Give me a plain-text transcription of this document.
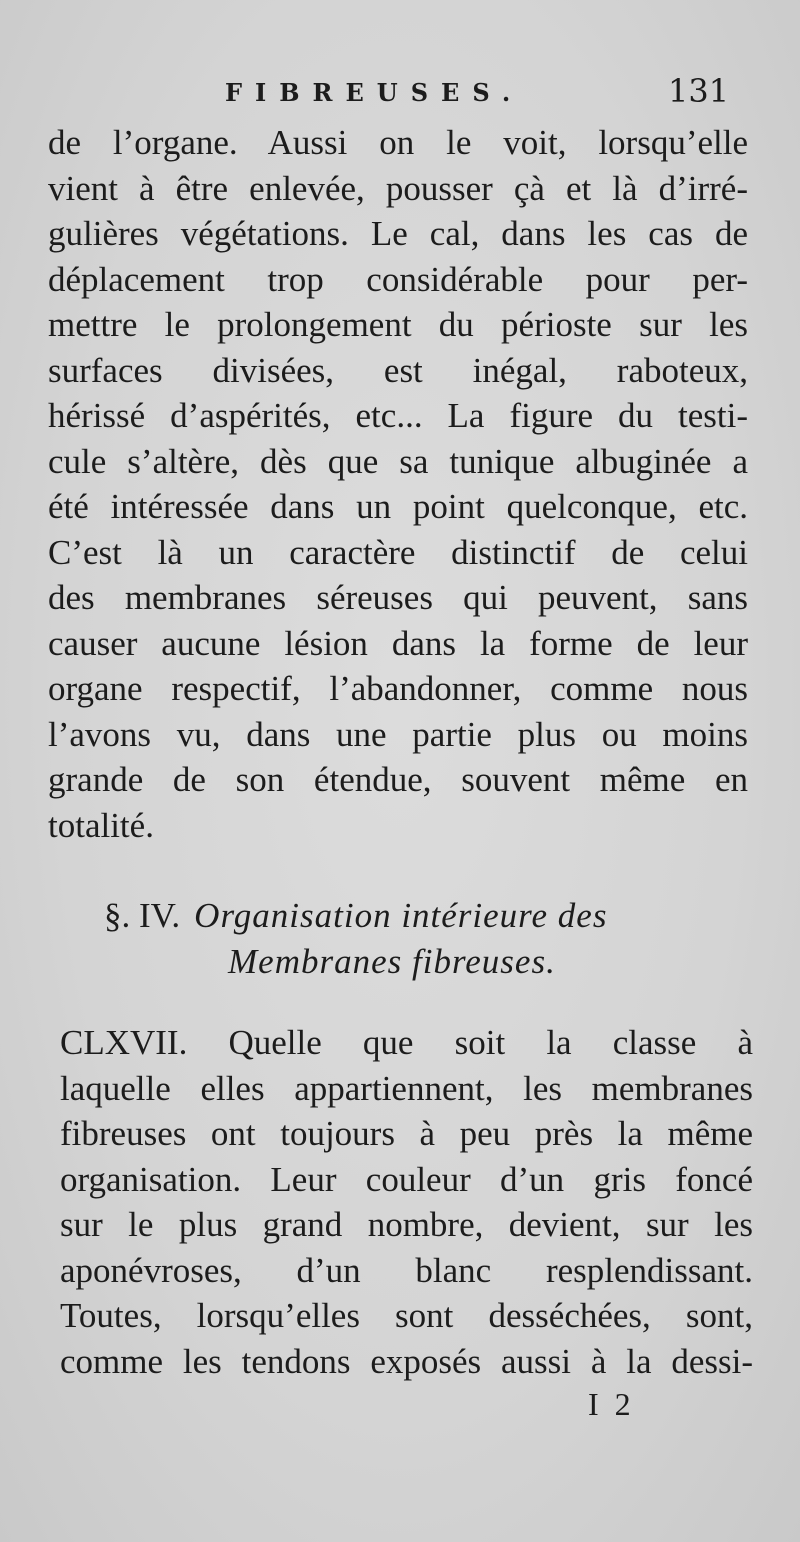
FIBREUSES.	131
de l’organe. Aussi on le voit, lorsqu’elle
vient à être enlevée, pousser çà et là d’irré-
gulières végétations. Le cal, dans les cas de
déplacement trop considérable pour per-
mettre le prolongement du périoste sur les
surfaces divisées, est inégal, raboteux,
hérissé d’aspérités, etc... La figure du testi-
cule s’altère, dès que sa tunique albuginée a
été intéressée dans un point quelconque, etc.
C’est là un caractère distinctif de celui
des membranes séreuses qui peuvent, sans
causer aucune lésion dans la forme de leur
organe respectif, l’abandonner, comme nous
l’avons vu, dans une partie plus ou moins
grande de son étendue, souvent même en
totalité.
§. IV. Organisation intérieure des
Membranes fibreuses.
CLXVII. Quelle que soit la classe à
laquelle elles appartiennent, les membranes
fibreuses ont toujours à peu près la même
organisation. Leur couleur d’un gris foncé
sur le plus grand nombre, devient, sur les
aponévroses, d’un blanc resplendissant.
Toutes, lorsqu’elles sont desséchées, sont,
comme les tendons exposés aussi à la dessi-
I 2
